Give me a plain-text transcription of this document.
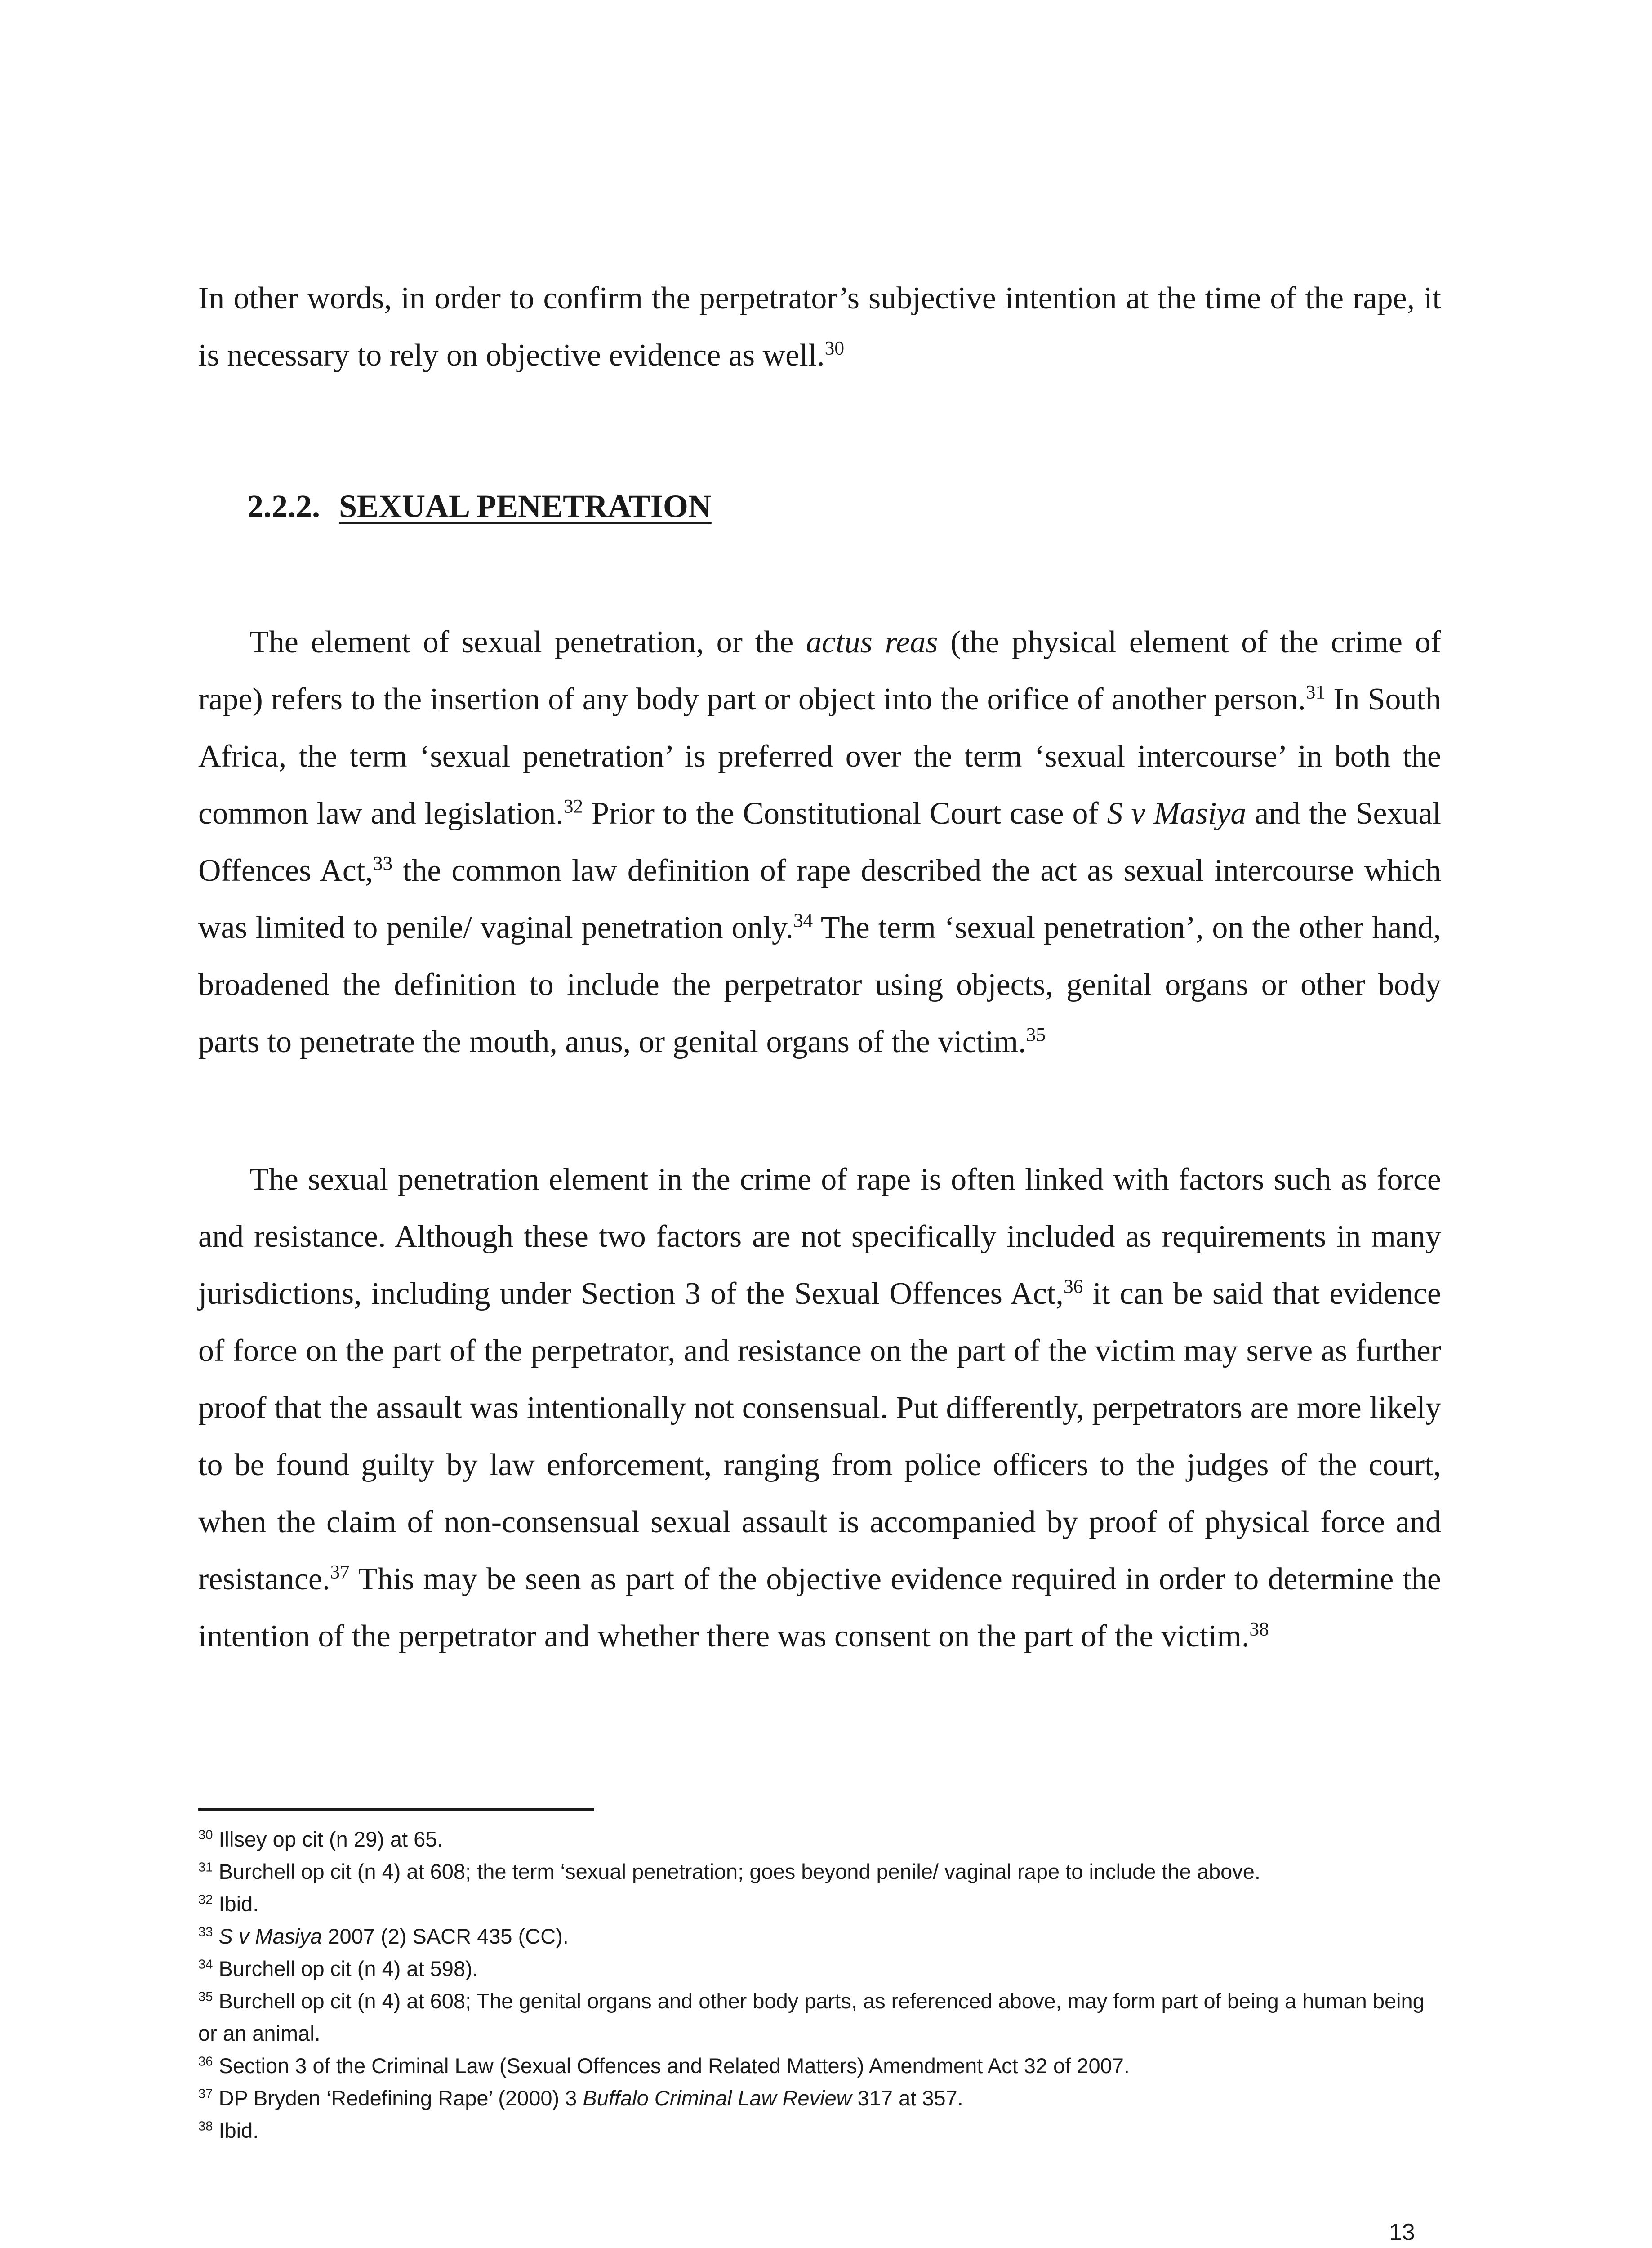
In other words, in order to confirm the perpetrator’s subjective intention at the time of the rape, it is necessary to rely on objective evidence as well.$^{30}$

2.2.2. SEXUAL PENETRATION

The element of sexual penetration, or the actus reas (the physical element of the crime of rape) refers to the insertion of any body part or object into the orifice of another person.$^{31}$ In South Africa, the term ‘sexual penetration’ is preferred over the term ‘sexual intercourse’ in both the common law and legislation.$^{32}$ Prior to the Constitutional Court case of S v Masiya and the Sexual Offences Act,$^{33}$ the common law definition of rape described the act as sexual intercourse which was limited to penile/ vaginal penetration only.$^{34}$ The term ‘sexual penetration’, on the other hand, broadened the definition to include the perpetrator using objects, genital organs or other body parts to penetrate the mouth, anus, or genital organs of the victim.$^{35}$

The sexual penetration element in the crime of rape is often linked with factors such as force and resistance. Although these two factors are not specifically included as requirements in many jurisdictions, including under Section 3 of the Sexual Offences Act,$^{36}$ it can be said that evidence of force on the part of the perpetrator, and resistance on the part of the victim may serve as further proof that the assault was intentionally not consensual. Put differently, perpetrators are more likely to be found guilty by law enforcement, ranging from police officers to the judges of the court, when the claim of non-consensual sexual assault is accompanied by proof of physical force and resistance.$^{37}$ This may be seen as part of the objective evidence required in order to determine the intention of the perpetrator and whether there was consent on the part of the victim.$^{38}$

$^{30}$ Illsey op cit (n 29) at 65.

$^{31}$ Burchell op cit (n 4) at 608; the term ‘sexual penetration; goes beyond penile/ vaginal rape to include the above.

$^{32}$ Ibid.

$^{33}$ S v Masiya 2007 (2) SACR 435 (CC).

$^{34}$ Burchell op cit (n 4) at 598).

$^{35}$ Burchell op cit (n 4) at 608; The genital organs and other body parts, as referenced above, may form part of being a human being or an animal.

$^{36}$ Section 3 of the Criminal Law (Sexual Offences and Related Matters) Amendment Act 32 of 2007.

$^{37}$ DP Bryden ‘Redefining Rape’ (2000) 3 Buffalo Criminal Law Review 317 at 357.

$^{38}$ Ibid.

13
